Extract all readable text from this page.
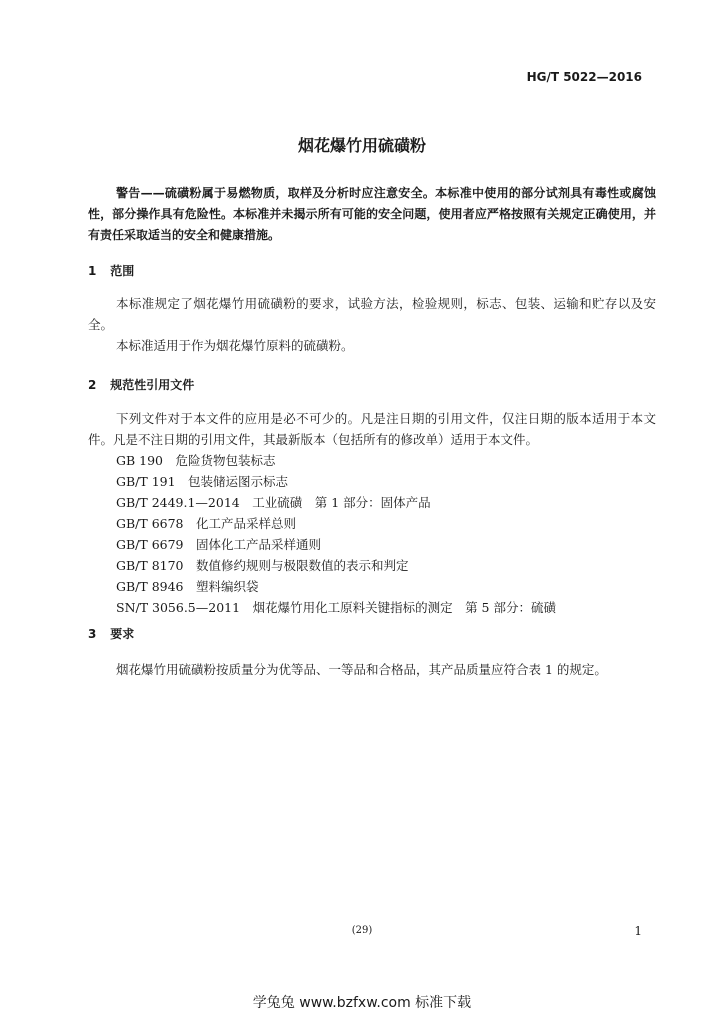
HG/T 5022—2016
烟花爆竹用硫磺粉
警告——硫磺粉属于易燃物质，取样及分析时应注意安全。本标准中使用的部分试剂具有毒性或腐蚀性，部分操作具有危险性。本标准并未揭示所有可能的安全问题，使用者应严格按照有关规定正确使用，并有责任采取适当的安全和健康措施。
1 范围
本标准规定了烟花爆竹用硫磺粉的要求，试验方法，检验规则，标志、包装、运输和贮存以及安全。
本标准适用于作为烟花爆竹原料的硫磺粉。
2 规范性引用文件
下列文件对于本文件的应用是必不可少的。凡是注日期的引用文件，仅注日期的版本适用于本文件。凡是不注日期的引用文件，其最新版本（包括所有的修改单）适用于本文件。
GB 190　危险货物包装标志
GB/T 191　包装储运图示标志
GB/T 2449.1—2014　工业硫磺　第 1 部分：固体产品
GB/T 6678　化工产品采样总则
GB/T 6679　固体化工产品采样通则
GB/T 8170　数值修约规则与极限数值的表示和判定
GB/T 8946　塑料编织袋
SN/T 3056.5—2011　烟花爆竹用化工原料关键指标的测定　第 5 部分：硫磺
3 要求
烟花爆竹用硫磺粉按质量分为优等品、一等品和合格品，其产品质量应符合表 1 的规定。
(29)	1
学兔兔 www.bzfxw.com 标准下载
